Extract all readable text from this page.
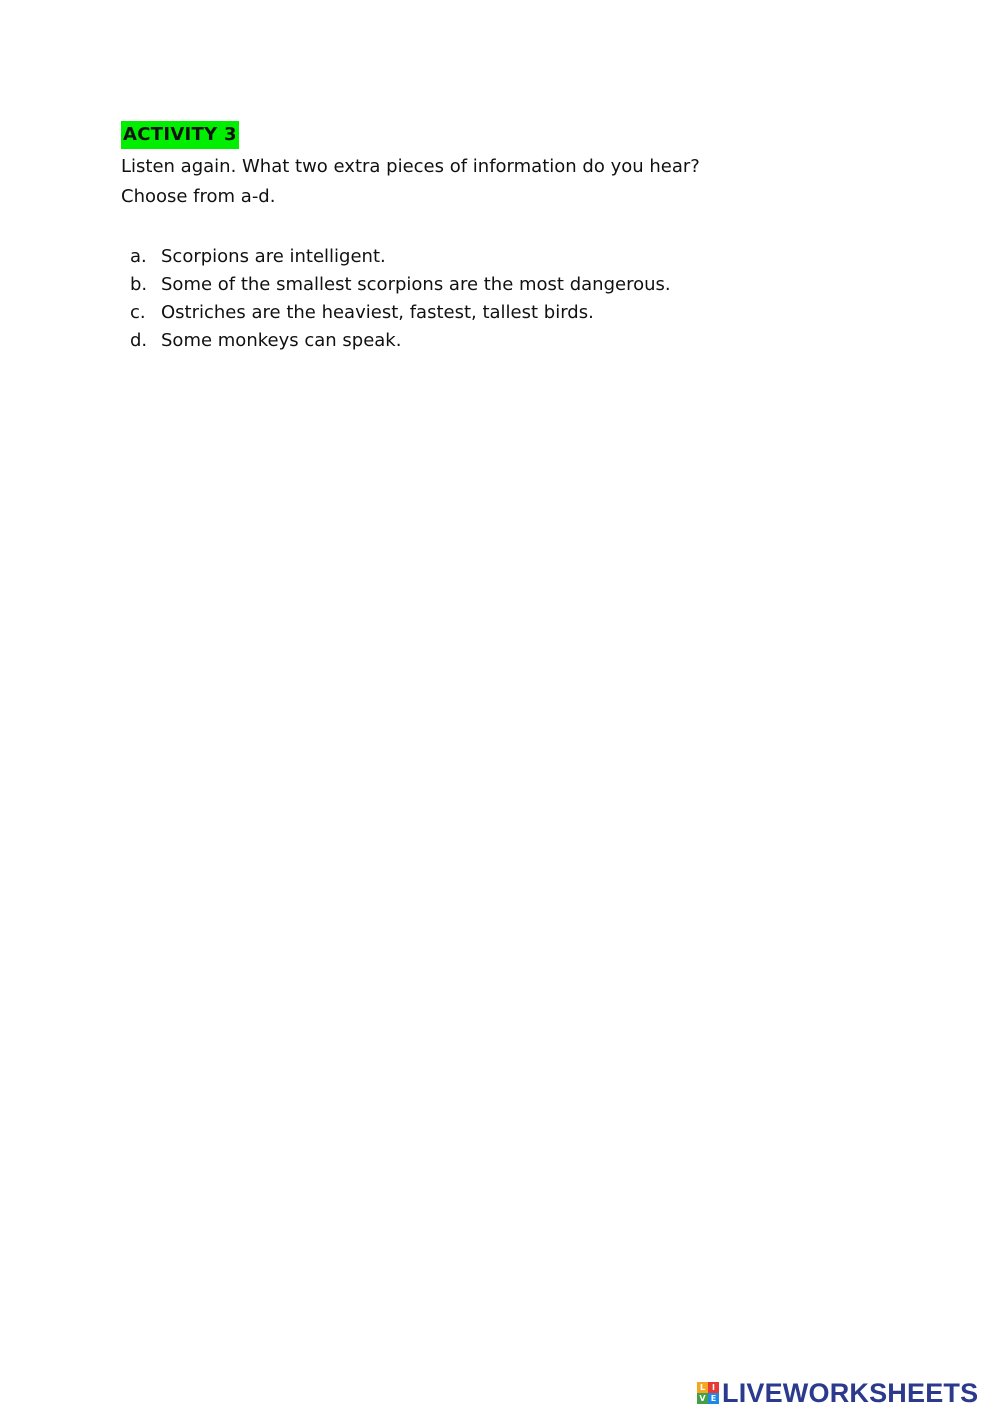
ACTIVITY 3
Listen again. What two extra pieces of information do you hear?
Choose from a-d.
a. Scorpions are intelligent.
b. Some of the smallest scorpions are the most dangerous.
c. Ostriches are the heaviest, fastest, tallest birds.
d. Some monkeys can speak.
L I
V E LIVEWORKSHEETS
